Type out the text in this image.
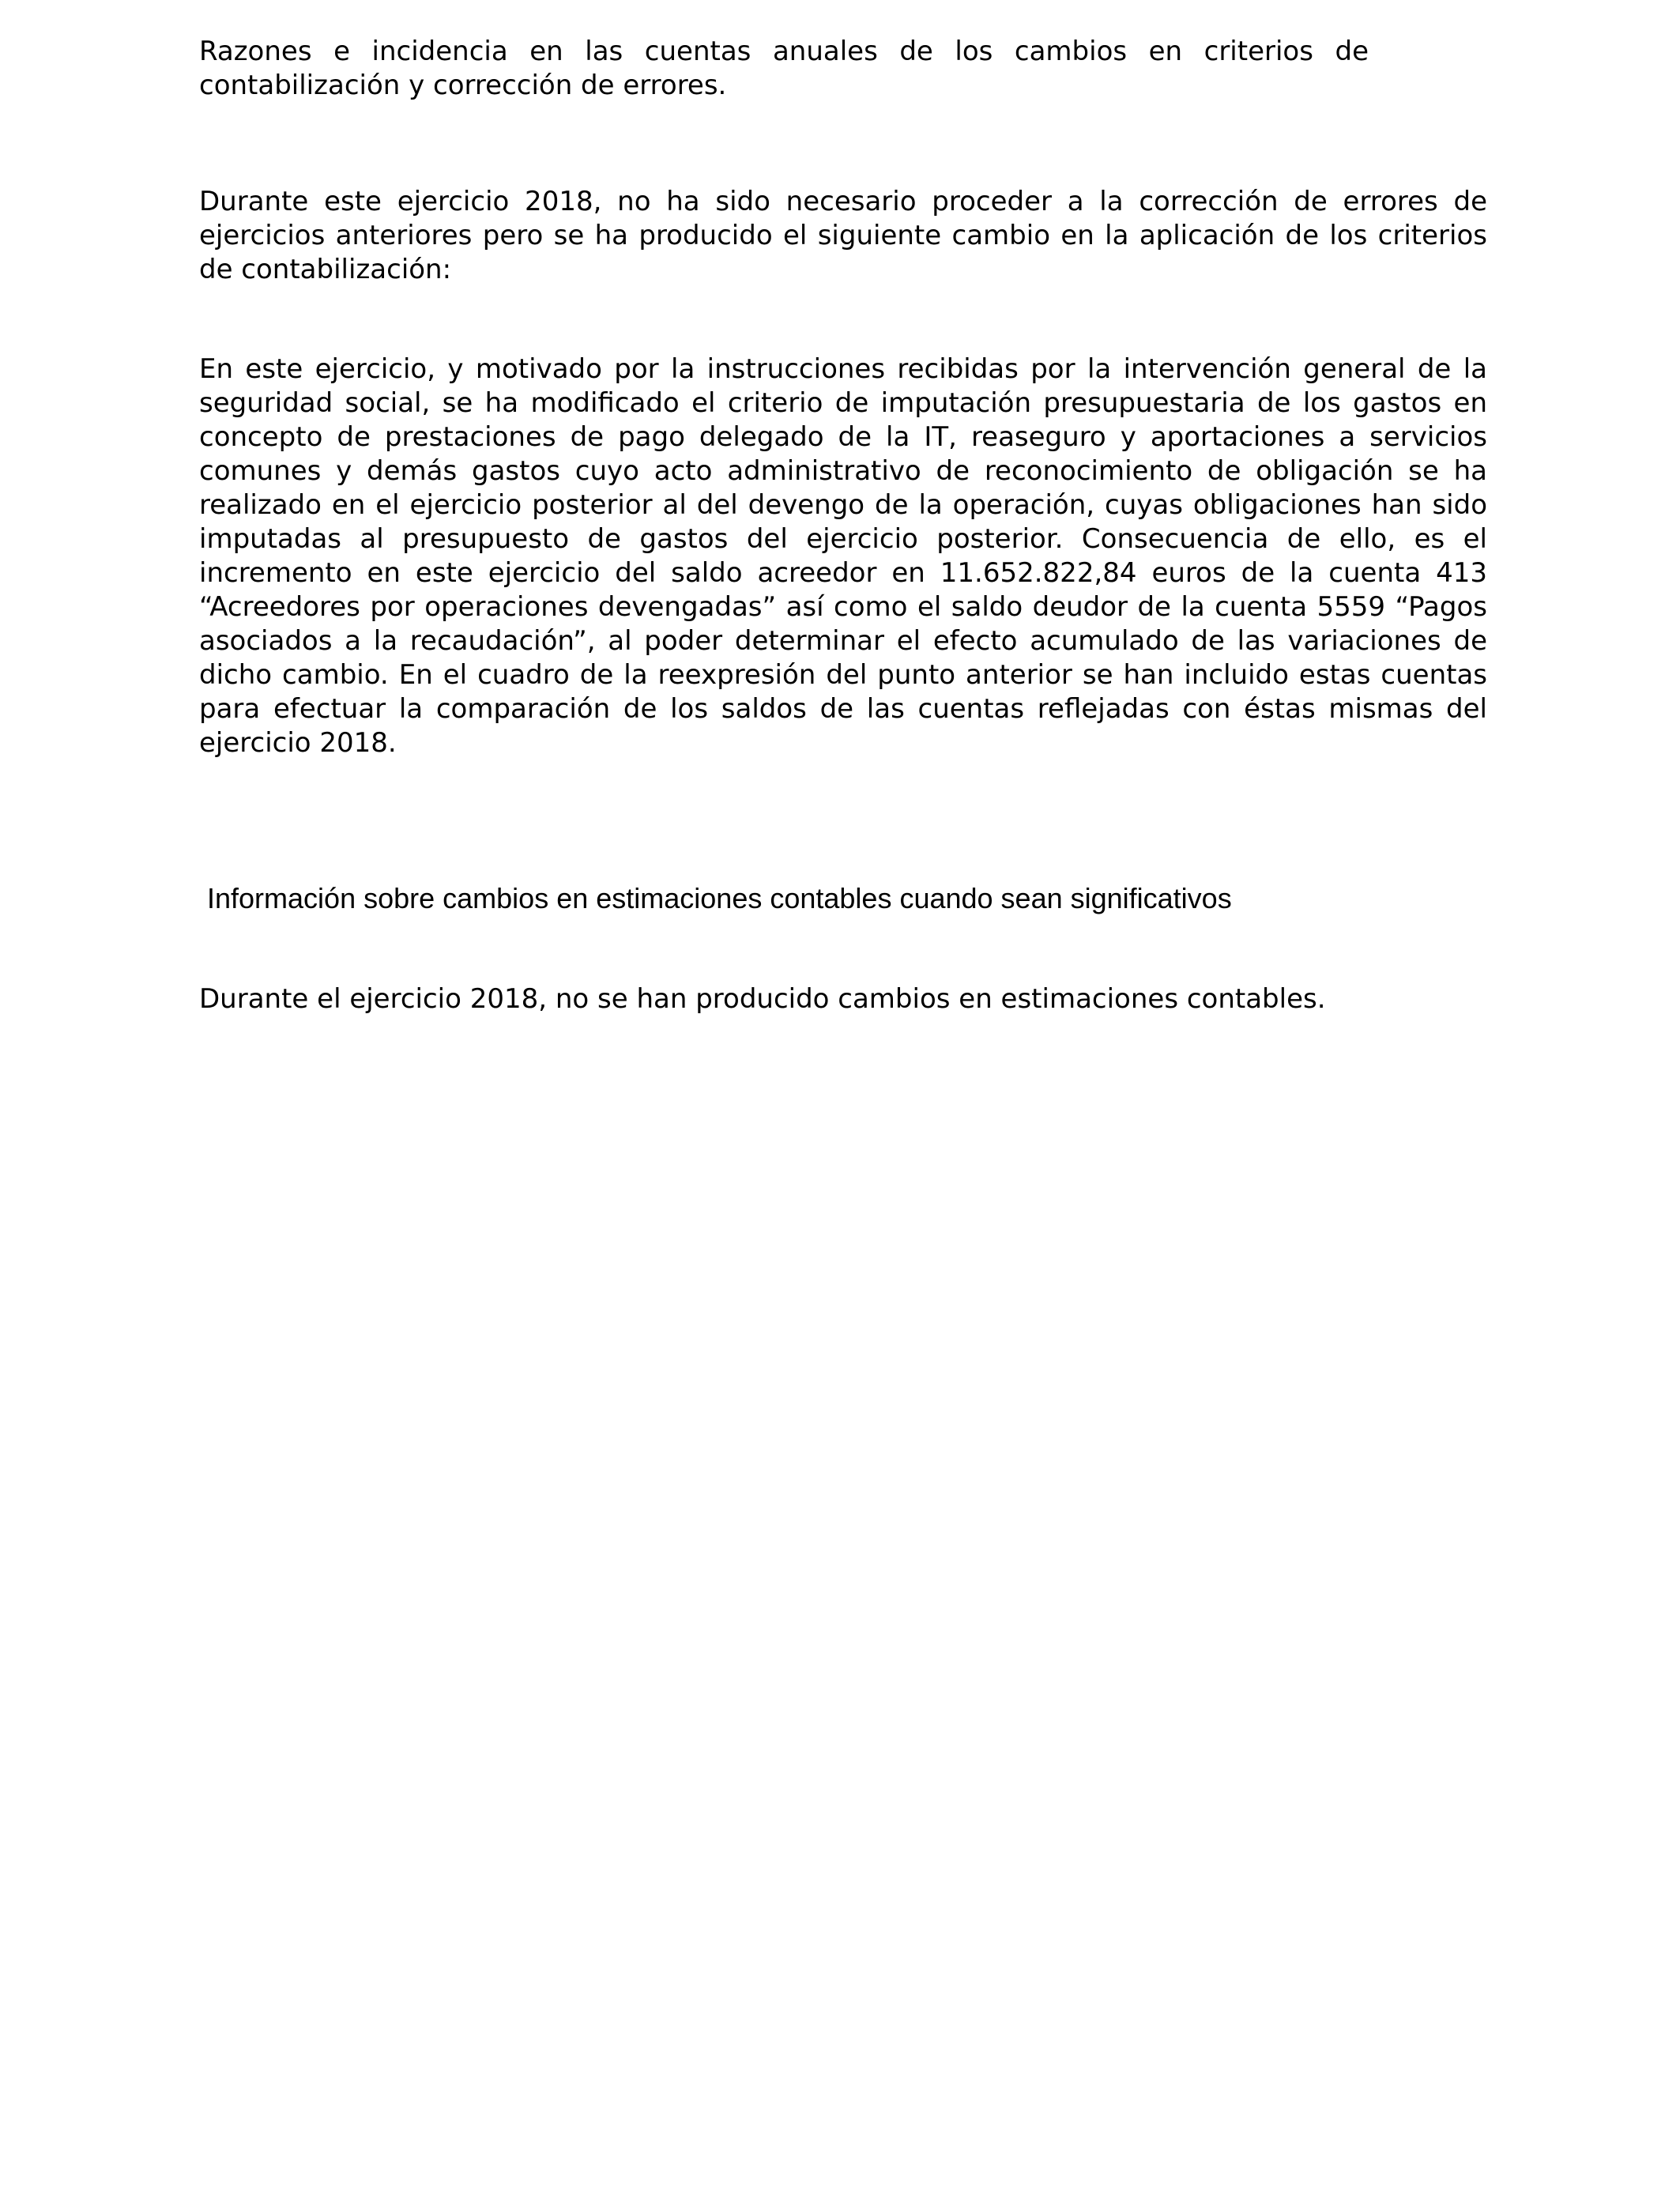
Razones e incidencia en las cuentas anuales de los cambios en criterios de contabilización y corrección de errores.

Durante este ejercicio 2018, no ha sido necesario proceder a la corrección de errores de ejercicios anteriores pero se ha producido el siguiente cambio en la aplicación de los criterios de contabilización:

En este ejercicio, y motivado por la instrucciones recibidas por la intervención general de la seguridad social, se ha modificado el criterio de imputación presupuestaria de los gastos en concepto de prestaciones de pago delegado de la IT, reaseguro y aportaciones a servicios comunes y demás gastos cuyo acto administrativo de reconocimiento de obligación se ha realizado en el ejercicio posterior al del devengo de la operación, cuyas obligaciones han sido imputadas al presupuesto de gastos del ejercicio posterior. Consecuencia de ello, es el incremento en este ejercicio del saldo acreedor en 11.652.822,84 euros de la cuenta 413 “Acreedores por operaciones devengadas” así como el saldo deudor de la cuenta 5559 “Pagos asociados a la recaudación”, al poder determinar el efecto acumulado de las variaciones de dicho cambio. En el cuadro de la reexpresión del punto anterior se han incluido estas cuentas para efectuar la comparación de los saldos de las cuentas reflejadas con éstas mismas del ejercicio 2018.

Información sobre cambios en estimaciones contables cuando sean significativos

Durante el ejercicio 2018, no se han producido cambios en estimaciones contables.
